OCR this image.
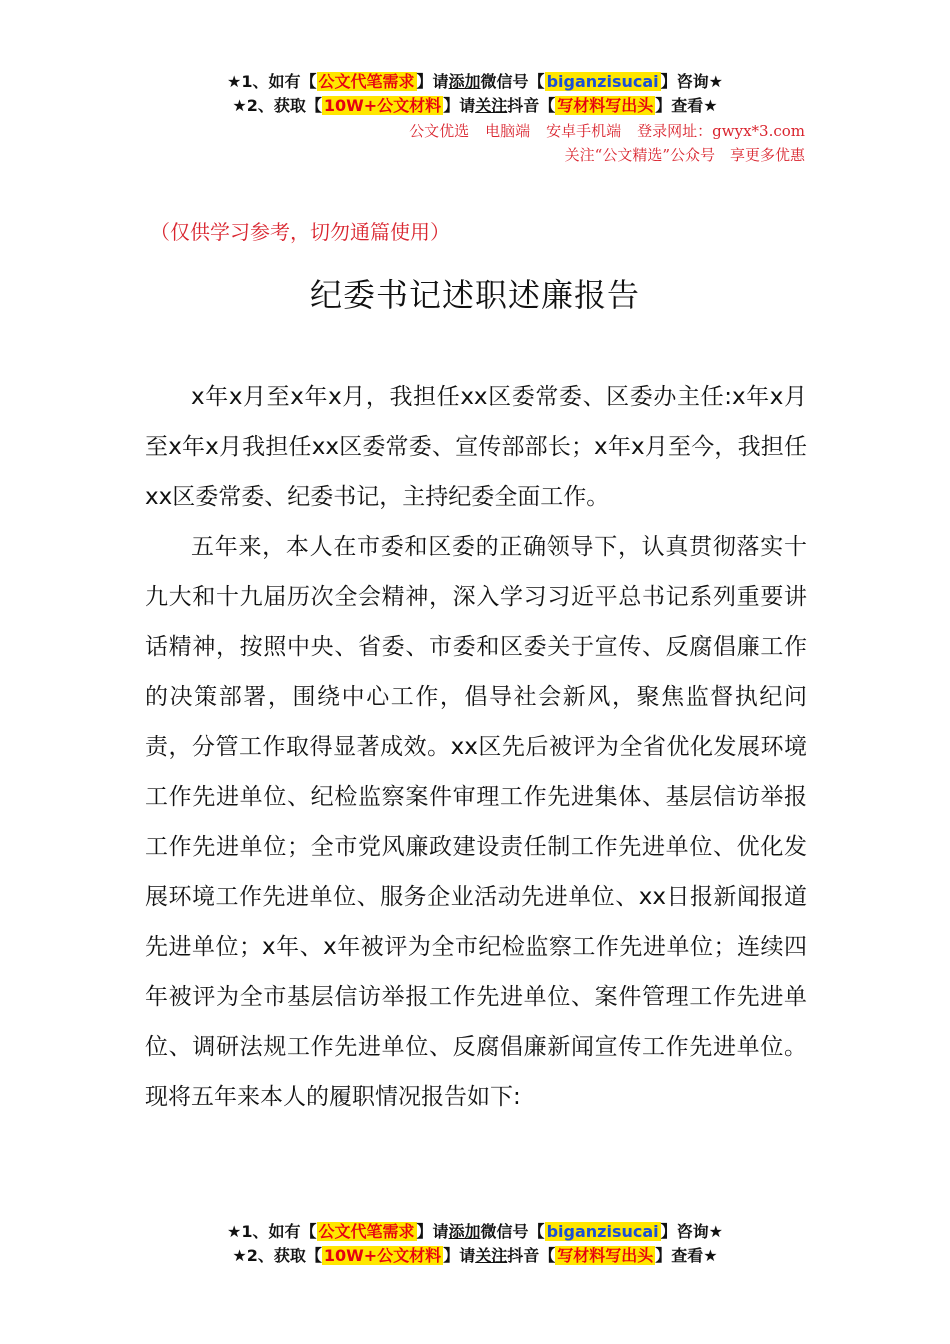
★1、如有【 公文代笔需求 】请添加微信号【 biganzisucai 】咨询★
★2、获取【 10W+公文材料 】请关注抖音【 写材料写出头 】查看★
公文优选 电脑端 安卓手机端 登录网址：gwyx*3.com
关注“公文精选”公众号　享更多优惠
（仅供学习参考，切勿通篇使用）
纪委书记述职述廉报告

x年x月至x年x月，我担任xx区委常委、区委办主任:x年x月至x年x月我担任xx区委常委、宣传部部长；x年x月至今，我担任xx区委常委、纪委书记，主持纪委全面工作。

五年来，本人在市委和区委的正确领导下，认真贯彻落实十九大和十九届历次全会精神，深入学习习近平总书记系列重要讲话精神，按照中央、省委、市委和区委关于宣传、反腐倡廉工作的决策部署，围绕中心工作，倡导社会新风，聚焦监督执纪问责，分管工作取得显著成效。xx区先后被评为全省优化发展环境工作先进单位、纪检监察案件审理工作先进集体、基层信访举报工作先进单位；全市党风廉政建设责任制工作先进单位、优化发展环境工作先进单位、服务企业活动先进单位、xx日报新闻报道先进单位；x年、x年被评为全市纪检监察工作先进单位；连续四年被评为全市基层信访举报工作先进单位、案件管理工作先进单位、调研法规工作先进单位、反腐倡廉新闻宣传工作先进单位。现将五年来本人的履职情况报告如下:

★1、如有【 公文代笔需求 】请添加微信号【 biganzisucai 】咨询★
★2、获取【 10W+公文材料 】请关注抖音【 写材料写出头 】查看★
